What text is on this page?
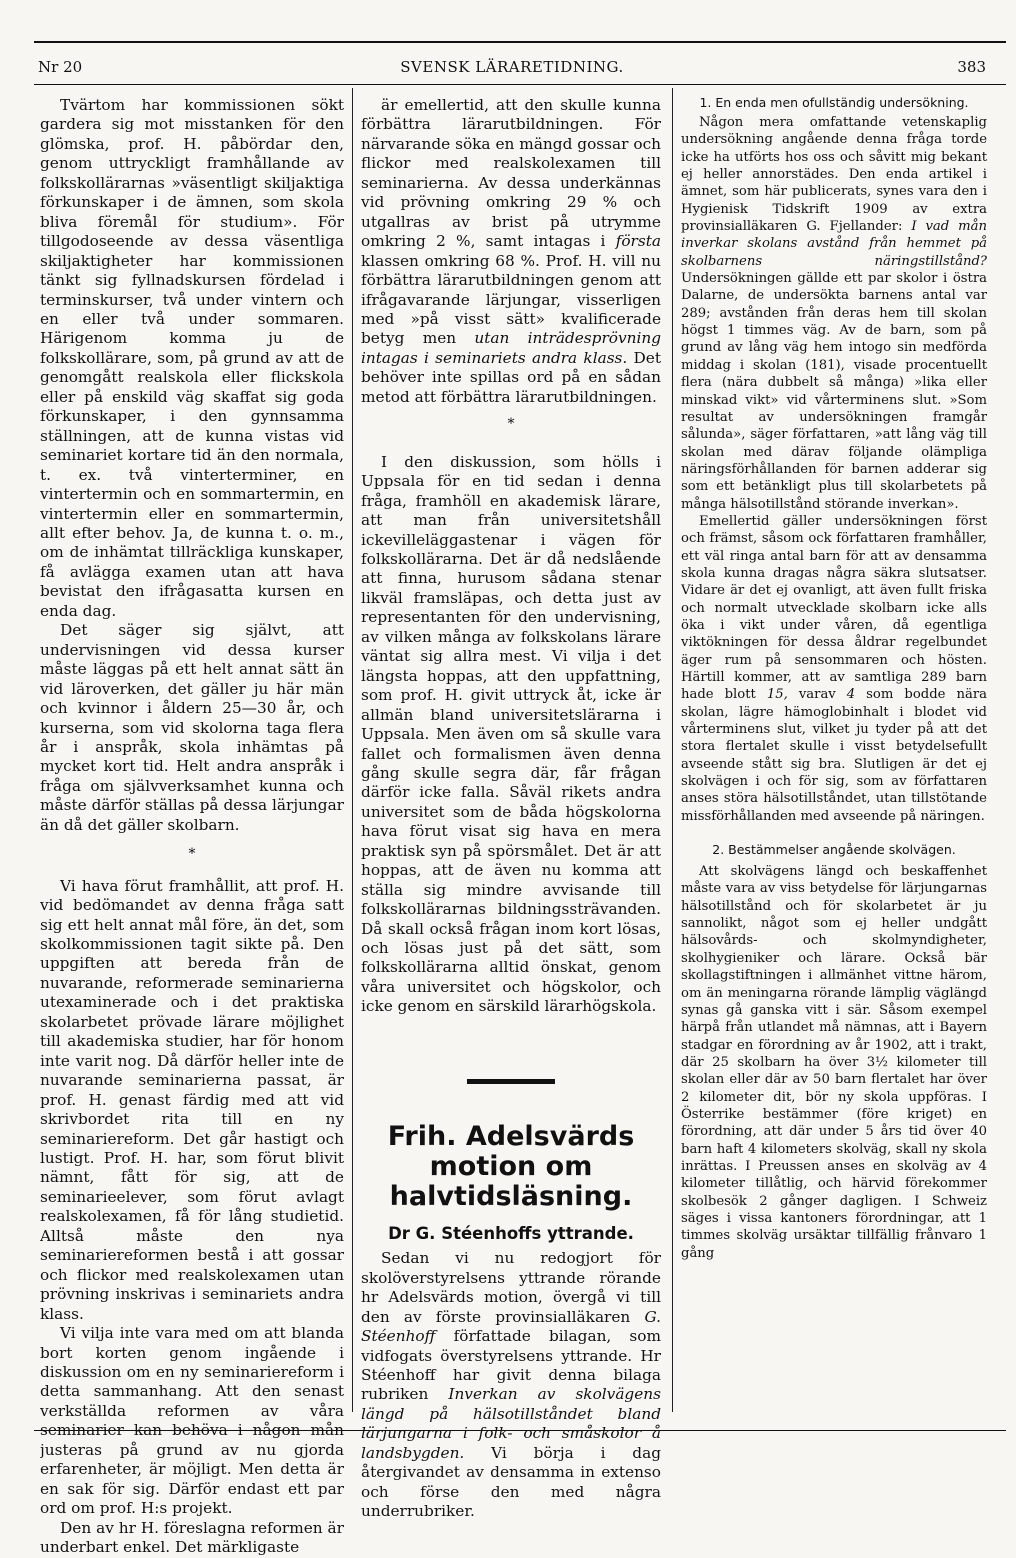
Nr 20	SVENSK LÄRARETIDNING.	383

Tvärtom har kommissionen sökt gardera sig mot misstanken för den glömska, prof. H. påbördar den, genom uttryckligt framhållande av folkskollärarnas »väsentligt skiljaktiga förkunskaper i de ämnen, som skola bliva föremål för studium». För tillgodoseende av dessa väsentliga skiljaktigheter har kommissionen tänkt sig fyllnadskursen fördelad i terminskurser, två under vintern och en eller två under sommaren. Härigenom komma ju de folkskollärare, som, på grund av att de genomgått realskola eller flickskola eller på enskild väg skaffat sig goda förkunskaper, i den gynnsamma ställningen, att de kunna vistas vid seminariet kortare tid än den normala, t. ex. två vinterterminer, en vintertermin och en sommartermin, en vintertermin eller en sommartermin, allt efter behov. Ja, de kunna t. o. m., om de inhämtat tillräckliga kunskaper, få avlägga examen utan att hava bevistat den ifrågasatta kursen en enda dag.

Det säger sig självt, att undervisningen vid dessa kurser måste läggas på ett helt annat sätt än vid läroverken, det gäller ju här män och kvinnor i åldern 25—30 år, och kurserna, som vid skolorna taga flera år i anspråk, skola inhämtas på mycket kort tid. Helt andra anspråk i fråga om självverksamhet kunna och måste därför ställas på dessa lärjungar än då det gäller skolbarn.

*

Vi hava förut framhållit, att prof. H. vid bedömandet av denna fråga satt sig ett helt annat mål före, än det, som skolkommissionen tagit sikte på. Den uppgiften att bereda från de nuvarande, reformerade seminarierna utexaminerade och i det praktiska skolarbetet prövade lärare möjlighet till akademiska studier, har för honom inte varit nog. Då därför heller inte de nuvarande seminarierna passat, är prof. H. genast färdig med att vid skrivbordet rita till en ny seminariereform. Det går hastigt och lustigt. Prof. H. har, som förut blivit nämnt, fått för sig, att de seminarieelever, som förut avlagt realskolexamen, få för lång studietid. Alltså måste den nya seminariereformen bestå i att gossar och flickor med realskolexamen utan prövning inskrivas i seminariets andra klass.

Vi vilja inte vara med om att blanda bort korten genom ingående i diskussion om en ny seminariereform i detta sammanhang. Att den senast verkställda reformen av våra seminarier kan behöva i någon mån justeras på grund av nu gjorda erfarenheter, är möjligt. Men detta är en sak för sig. Därför endast ett par ord om prof. H:s projekt.

Den av hr H. föreslagna reformen är underbart enkel. Det märkligaste

är emellertid, att den skulle kunna förbättra lärarutbildningen. För närvarande söka en mängd gossar och flickor med realskolexamen till seminarierna. Av dessa underkännas vid prövning omkring 29 % och utgallras av brist på utrymme omkring 2 %, samt intagas i första klassen omkring 68 %. Prof. H. vill nu förbättra lärarutbildningen genom att ifrågavarande lärjungar, visserligen med »på visst sätt» kvalificerade betyg men utan inträdesprövning intagas i seminariets andra klass. Det behöver inte spillas ord på en sådan metod att förbättra lärarutbildningen.

*

I den diskussion, som hölls i Uppsala för en tid sedan i denna fråga, framhöll en akademisk lärare, att man från universitetshåll ickevilleläggastenar i vägen för folkskollärarna. Det är då nedslående att finna, hurusom sådana stenar likväl framsläpas, och detta just av representanten för den undervisning, av vilken många av folkskolans lärare väntat sig allra mest. Vi vilja i det längsta hoppas, att den uppfattning, som prof. H. givit uttryck åt, icke är allmän bland universitetslärarna i Uppsala. Men även om så skulle vara fallet och formalismen även denna gång skulle segra där, får frågan därför icke falla. Såväl rikets andra universitet som de båda högskolorna hava förut visat sig hava en mera praktisk syn på spörsmålet. Det är att hoppas, att de även nu komma att ställa sig mindre avvisande till folkskollärarnas bildningssträvanden. Då skall också frågan inom kort lösas, och lösas just på det sätt, som folkskollärarna alltid önskat, genom våra universitet och högskolor, och icke genom en särskild lärarhögskola.

Frih. Adelsvärds motion om halvtidsläsning.
Dr G. Stéenhoffs yttrande.

Sedan vi nu redogjort för skolöverstyrelsens yttrande rörande hr Adelsvärds motion, övergå vi till den av förste provinsialläkaren G. Stéenhoff författade bilagan, som vidfogats överstyrelsens yttrande. Hr Stéenhoff har givit denna bilaga rubriken Inverkan av skolvägens längd på hälsotillståndet bland lärjungarna i folk- och småskolor å landsbygden. Vi börja i dag återgivandet av densamma in extenso och förse den med några underrubriker.

1. En enda men ofullständig undersökning.

Någon mera omfattande vetenskaplig undersökning angående denna fråga torde icke ha utförts hos oss och såvitt mig bekant ej heller annorstädes. Den enda artikel i ämnet, som här publicerats, synes vara den i Hygienisk Tidskrift 1909 av extra provinsialläkaren G. Fjellander: I vad mån inverkar skolans avstånd från hemmet på skolbarnens näringstillstånd? Undersökningen gällde ett par skolor i östra Dalarne, de undersökta barnens antal var 289; avstånden från deras hem till skolan högst 1 timmes väg. Av de barn, som på grund av lång väg hem intogo sin medförda middag i skolan (181), visade procentuellt flera (nära dubbelt så många) »lika eller minskad vikt» vid vårterminens slut. »Som resultat av undersökningen framgår sålunda», säger författaren, »att lång väg till skolan med därav följande olämpliga näringsförhållanden för barnen adderar sig som ett betänkligt plus till skolarbetets på många hälsotillstånd störande inverkan».

Emellertid gäller undersökningen först och främst, såsom ock författaren framhåller, ett väl ringa antal barn för att av densamma skola kunna dragas några säkra slutsatser. Vidare är det ej ovanligt, att även fullt friska och normalt utvecklade skolbarn icke alls öka i vikt under våren, då egentliga viktökningen för dessa åldrar regelbundet äger rum på sensommaren och hösten. Härtill kommer, att av samtliga 289 barn hade blott 15, varav 4 som bodde nära skolan, lägre hämoglobinhalt i blodet vid vårterminens slut, vilket ju tyder på att det stora flertalet skulle i visst betydelsefullt avseende stått sig bra. Slutligen är det ej skolvägen i och för sig, som av författaren anses störa hälsotillståndet, utan tillstötande missförhållanden med avseende på näringen.

2. Bestämmelser angående skolvägen.

Att skolvägens längd och beskaffenhet måste vara av viss betydelse för lärjungarnas hälsotillstånd och för skolarbetet är ju sannolikt, något som ej heller undgått hälsovårds- och skolmyndigheter, skolhygieniker och lärare. Också bär skollagstiftningen i allmänhet vittne härom, om än meningarna rörande lämplig väglängd synas gå ganska vitt i sär. Såsom exempel härpå från utlandet må nämnas, att i Bayern stadgar en förordning av år 1902, att i trakt, där 25 skolbarn ha över 3½ kilometer till skolan eller där av 50 barn flertalet har över 2 kilometer dit, bör ny skola uppföras. I Österrike bestämmer (före kriget) en förordning, att där under 5 års tid över 40 barn haft 4 kilometers skolväg, skall ny skola inrättas. I Preussen anses en skolväg av 4 kilometer tillåtlig, och härvid förekommer skolbesök 2 gånger dagligen. I Schweiz säges i vissa kantoners förordningar, att 1 timmes skolväg ursäktar tillfällig frånvaro 1 gång
